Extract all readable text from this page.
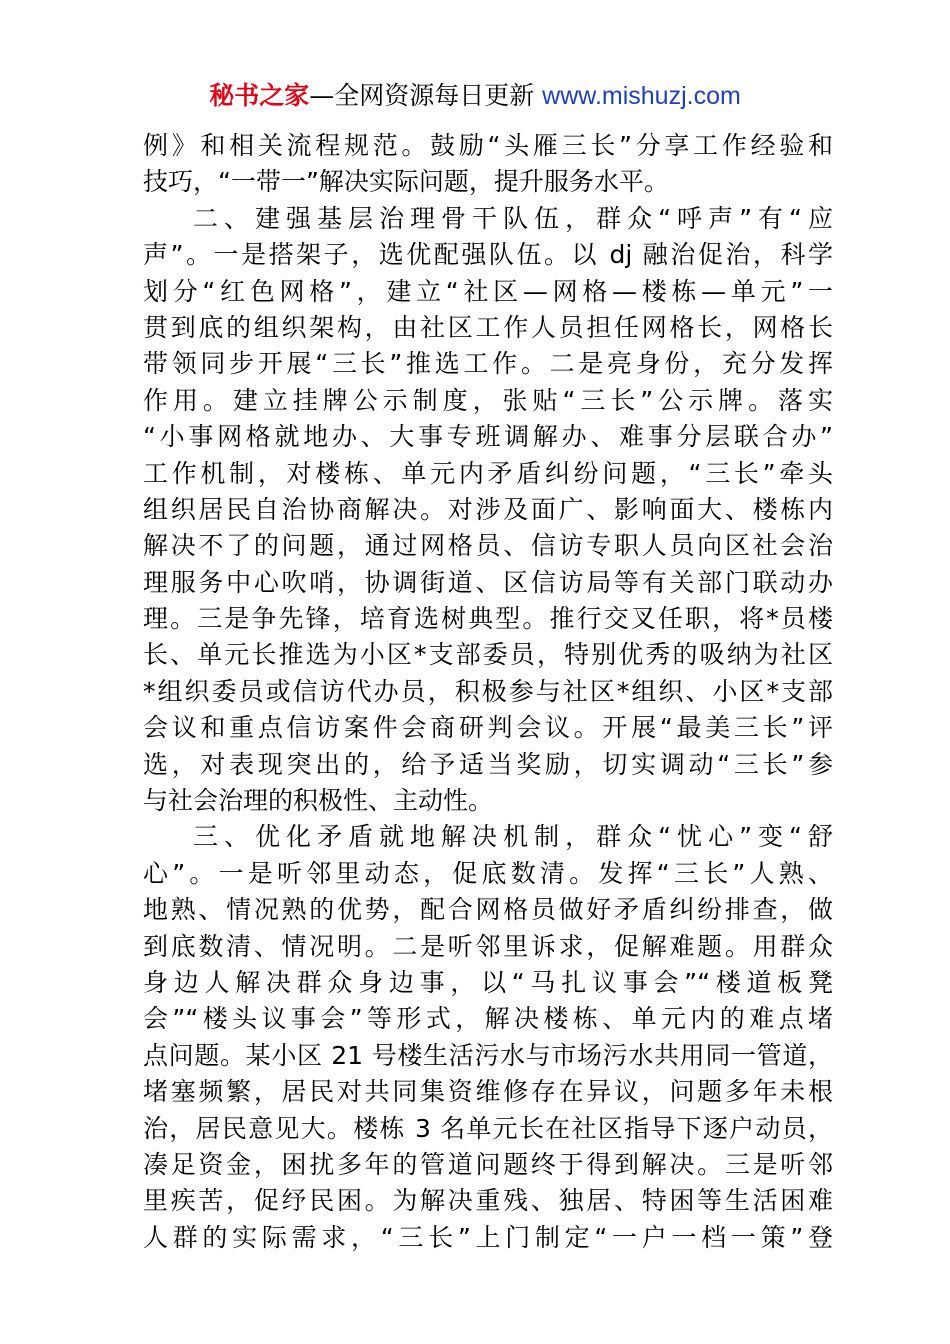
秘书之家—全网资源每日更新 www.mishuzj.com
例》和相关流程规范。鼓励“头雁三长”分享工作经验和
技巧，“一带一”解决实际问题，提升服务水平。
二、建强基层治理骨干队伍，群众“呼声”有“应
声”。一是搭架子，选优配强队伍。以 dj 融治促治，科学
划分“红色网格”，建立“社区—网格—楼栋—单元”一
贯到底的组织架构，由社区工作人员担任网格长，网格长
带领同步开展“三长”推选工作。二是亮身份，充分发挥
作用。建立挂牌公示制度，张贴“三长”公示牌。落实
“小事网格就地办、大事专班调解办、难事分层联合办”
工作机制，对楼栋、单元内矛盾纠纷问题，“三长”牵头
组织居民自治协商解决。对涉及面广、影响面大、楼栋内
解决不了的问题，通过网格员、信访专职人员向区社会治
理服务中心吹哨，协调街道、区信访局等有关部门联动办
理。三是争先锋，培育选树典型。推行交叉任职，将*员楼
长、单元长推选为小区*支部委员，特别优秀的吸纳为社区
*组织委员或信访代办员，积极参与社区*组织、小区*支部
会议和重点信访案件会商研判会议。开展“最美三长”评
选，对表现突出的，给予适当奖励，切实调动“三长”参
与社会治理的积极性、主动性。
三、优化矛盾就地解决机制，群众“忧心”变“舒
心”。一是听邻里动态，促底数清。发挥“三长”人熟、
地熟、情况熟的优势，配合网格员做好矛盾纠纷排查，做
到底数清、情况明。二是听邻里诉求，促解难题。用群众
身边人解决群众身边事，以“马扎议事会”“楼道板凳
会”“楼头议事会”等形式，解决楼栋、单元内的难点堵
点问题。某小区 21 号楼生活污水与市场污水共用同一管道，
堵塞频繁，居民对共同集资维修存在异议，问题多年未根
治，居民意见大。楼栋 3 名单元长在社区指导下逐户动员，
凑足资金，困扰多年的管道问题终于得到解决。三是听邻
里疾苦，促纾民困。为解决重残、独居、特困等生活困难
人群的实际需求，“三长”上门制定“一户一档一策”登
